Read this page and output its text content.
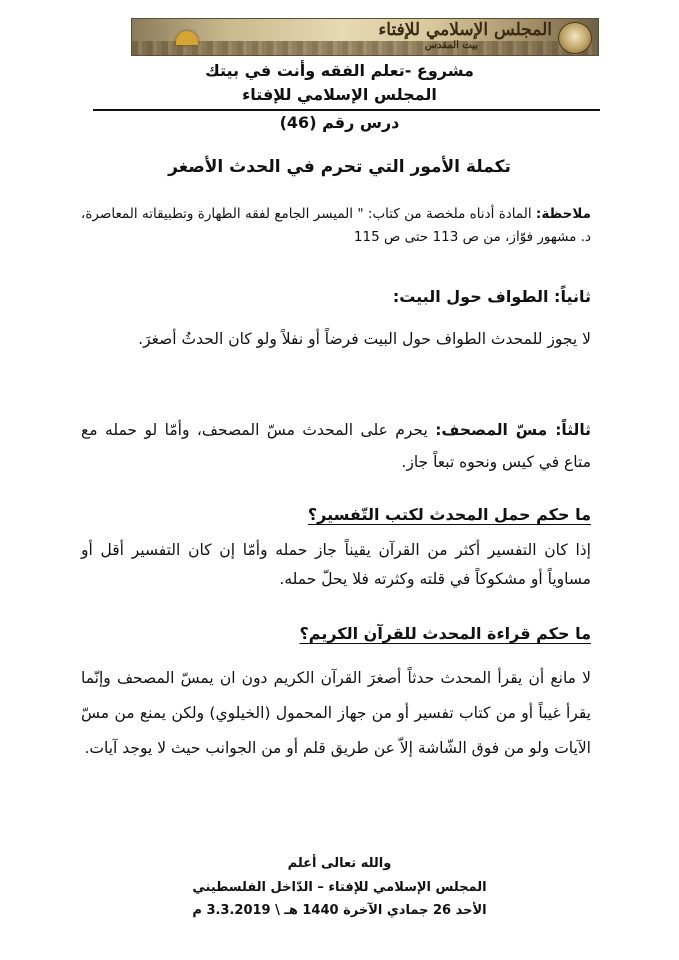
المجلس الإسلامي للإفتاء
بيت المقدس
مشروع -تعلم الفقه وأنت في بيتك
المجلس الإسلامي للإفتاء
درس رقم (46)
تكملة الأمور التي تحرم في الحدث الأصغر
ملاحظة: المادة أدناه ملخصة من كتاب: " الميسر الجامع لفقه الطهارة وتطبيقاته المعاصرة، د. مشهور فوّاز، من ص 113 حتى ص 115
ثانياً: الطواف حول البيت:
لا يجوز للمحدث الطواف حول البيت فرضاً أو نفلاً ولو كان الحدثُ أصغرَ.
ثالثاً: مسّ المصحف: يحرم على المحدث مسّ المصحف، وأمّا لو حمله مع متاع في كيس ونحوه تبعاً جاز.
ما حكم حمل المحدث لكتب التّفسير؟
إذا كان التفسير أكثر من القرآن يقيناً جاز حمله وأمّا إن كان التفسير أقل أو مساوياً أو مشكوكاً في قلته وكثرته فلا يحلّ حمله.
ما حكم قراءة المحدث للقرآن الكريم؟
لا مانع أن يقرأ المحدث حدثاً أصغرَ القرآن الكريم دون ان يمسّ المصحف وإنّما يقرأ غيباً أو من كتاب تفسير أو من جهاز المحمول (الخيلوي) ولكن يمنع من مسّ الآيات ولو من فوق الشّاشة إلاّ عن طريق قلم أو من الجوانب حيث لا يوجد آيات.
والله تعالى أعلم
المجلس الإسلامي للإفتاء – الدّاخل الفلسطيني
الأحد 26 جمادي الآخرة 1440 هـ \ 3.3.2019 م
